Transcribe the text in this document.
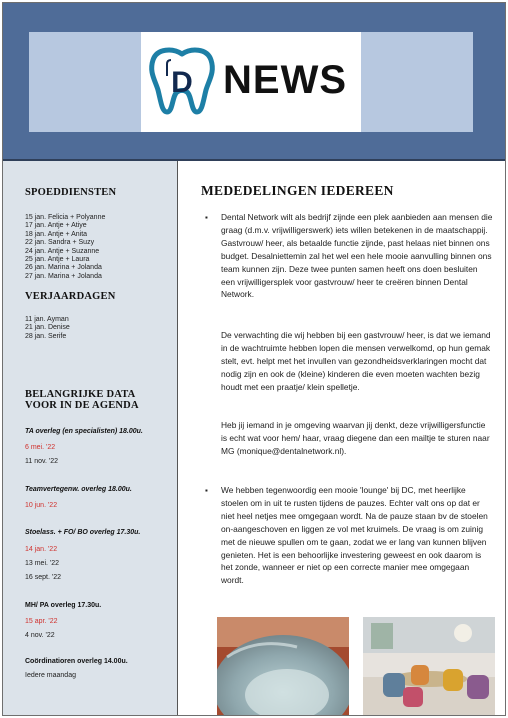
D NEWS
SPOEDDIENSTEN
15 jan. Felicia + Polyanne
17 jan. Antje + Atiye
18 jan. Antje + Anita
22 jan. Sandra + Suzy
24 jan. Antje + Suzanne
25 jan. Antje + Laura
26 jan. Marina + Jolanda
27 jan. Marina + Jolanda
VERJAARDAGEN
11 jan. Ayman
21 jan. Denise
28 jan. Serife
BELANGRIJKE DATA
VOOR IN DE AGENDA
TA overleg (en specialisten) 18.00u.
6 mei. '22
11 nov. '22
Teamvertegenw. overleg 18.00u.
10 jun. '22
Stoelass. + FO/ BO overleg 17.30u.
14 jan. '22
13 mei. '22
16 sept. '22
MH/ PA overleg 17.30u.
15 apr. '22
4 nov. '22
Coördinatioren overleg 14.00u.
Iedere maandag
MEDEDELINGEN IEDEREEN
▪ Dental Network wilt als bedrijf zijnde een plek aanbieden aan mensen die graag (d.m.v. vrijwilligerswerk) iets willen betekenen in de maatschappij. Gastvrouw/ heer, als betaalde functie zijnde, past helaas niet binnen ons budget. Desalniettemin zal het wel een hele mooie aanvulling binnen ons team kunnen zijn. Deze twee punten samen heeft ons doen besluiten een vrijwilligersplek voor gastvrouw/ heer te creëren binnen Dental Network.

De verwachting die wij hebben bij een gastvrouw/ heer, is dat we iemand in de wachtruimte hebben lopen die mensen verwelkomd, op hun gemak stelt, evt. helpt met het invullen van gezondheidsverklaringen mocht dat nodig zijn en ook de (kleine) kinderen die even moeten wachten bezig houdt met een praatje/ klein spelletje.

Heb jij iemand in je omgeving waarvan jij denkt, deze vrijwilligersfunctie is echt wat voor hem/ haar, vraag diegene dan een mailtje te sturen naar MG (monique@dentalnetwork.nl).

▪ We hebben tegenwoordig een mooie 'lounge' bij DC, met heerlijke stoelen om in uit te rusten tijdens de pauzes. Echter valt ons op dat er niet heel netjes mee omgegaan wordt. Na de pauze staan bv de stoelen on-aangeschoven en liggen ze vol met kruimels. De vraag is om zuinig met de nieuwe spullen om te gaan, zodat we er lang van kunnen blijven genieten. Het is een behoorlijke investering geweest en ook daarom is het zonde, wanneer er niet op een correcte manier mee omgegaan wordt.
